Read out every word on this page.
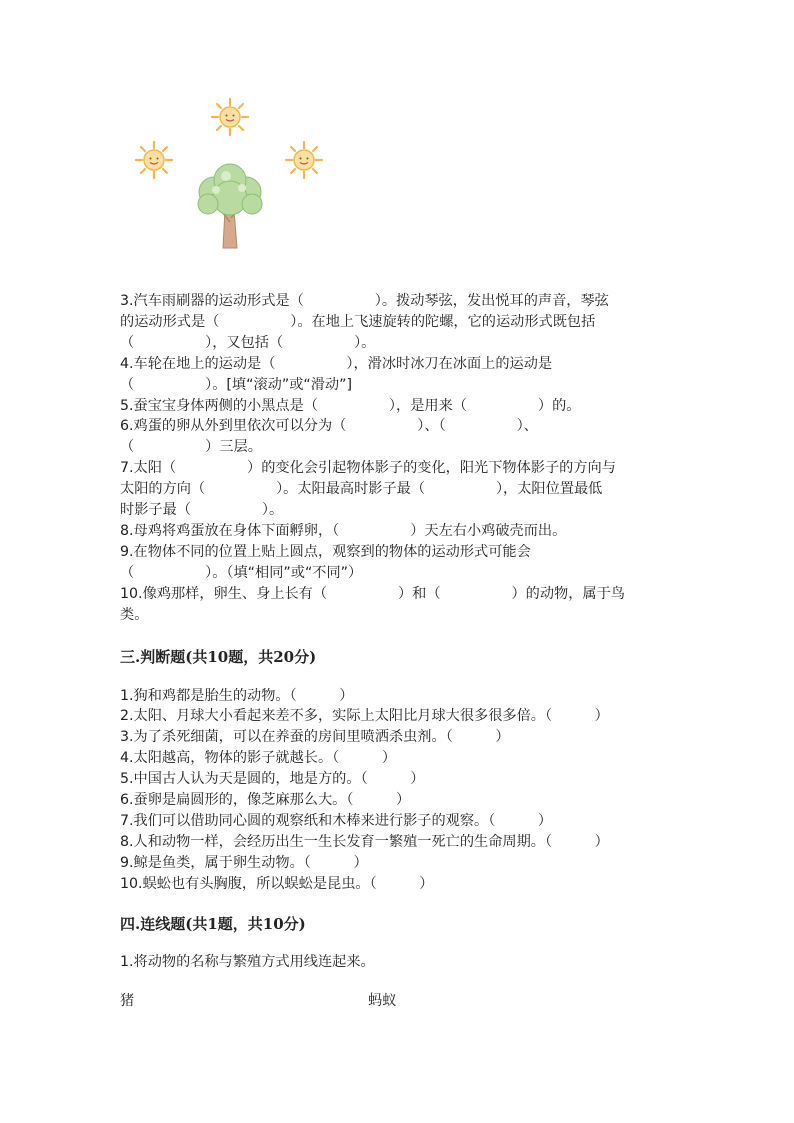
3.汽车雨刷器的运动形式是（　　　　　）。拨动琴弦，发出悦耳的声音，琴弦

的运动形式是（　　　　　）。在地上飞速旋转的陀螺，它的运动形式既包括

（　　　　　），又包括（　　　　　）。

4.车轮在地上的运动是（　　　　　），滑冰时冰刀在冰面上的运动是

（　　　　　）。[填“滚动”或“滑动”]

5.蚕宝宝身体两侧的小黑点是（　　　　　），是用来（　　　　　）的。

6.鸡蛋的卵从外到里依次可以分为（　　　　　）、（　　　　　）、

（　　　　　）三层。

7.太阳（　　　　　）的变化会引起物体影子的变化，阳光下物体影子的方向与

太阳的方向（　　　　　）。太阳最高时影子最（　　　　　），太阳位置最低

时影子最（　　　　　）。

8.母鸡将鸡蛋放在身体下面孵卵，（　　　　　）天左右小鸡破壳而出。

9.在物体不同的位置上贴上圆点，观察到的物体的运动形式可能会

（　　　　　）。（填“相同”或“不同”）

10.像鸡那样，卵生、身上长有（　　　　　）和（　　　　　）的动物，属于鸟

类。

三.判断题(共10题，共20分)

1.狗和鸡都是胎生的动物。（　　　）

2.太阳、月球大小看起来差不多，实际上太阳比月球大很多很多倍。（　　　）

3.为了杀死细菌，可以在养蚕的房间里喷洒杀虫剂。（　　　）

4.太阳越高，物体的影子就越长。（　　　）

5.中国古人认为天是圆的，地是方的。（　　　）

6.蚕卵是扁圆形的，像芝麻那么大。（　　　）

7.我们可以借助同心圆的观察纸和木棒来进行影子的观察。（　　　）

8.人和动物一样，会经历出生一生长发育一繁殖一死亡的生命周期。（　　　）

9.鲸是鱼类，属于卵生动物。（　　　）

10.蜈蚣也有头胸腹，所以蜈蚣是昆虫。（　　　）

四.连线题(共1题，共10分)

1.将动物的名称与繁殖方式用线连起来。

猪	蚂蚁
